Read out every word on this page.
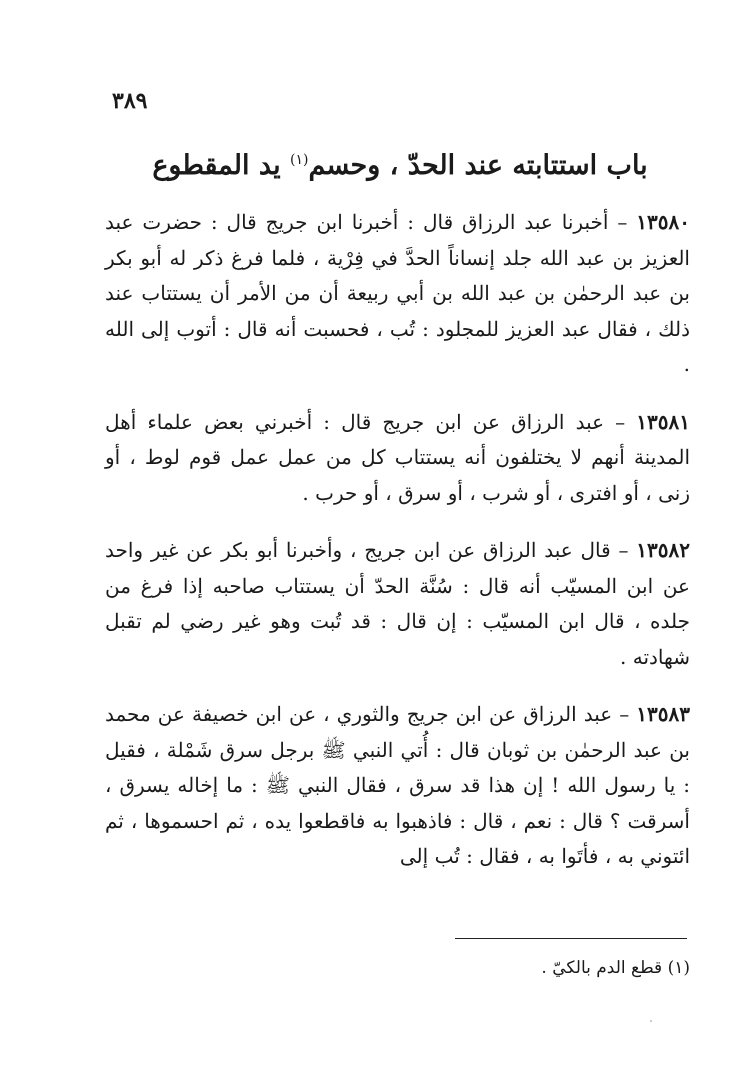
٣٨٩
باب استتابته عند الحدّ ، وحسم$^{(١)}$ يد المقطوع

١٣٥٨٠ – أخبرنا عبد الرزاق قال : أخبرنا ابن جريج قال : حضرت عبد العزيز بن عبد الله جلد إنساناً الحدَّ في فِرْية ، فلما فرغ ذكر له أبو بكر بن عبد الرحمٰن بن عبد الله بن أبي ربيعة أن من الأمر أن يستتاب عند ذلك ، فقال عبد العزيز للمجلود : تُب ، فحسبت أنه قال : أتوب إلى الله .

١٣٥٨١ – عبد الرزاق عن ابن جريج قال : أخبرني بعض علماء أهل المدينة أنهم لا يختلفون أنه يستتاب كل من عمل عمل قوم لوط ، أو زنى ، أو افترى ، أو شرب ، أو سرق ، أو حرب .

١٣٥٨٢ – قال عبد الرزاق عن ابن جريج ، وأخبرنا أبو بكر عن غير واحد عن ابن المسيّب أنه قال : سُنَّة الحدّ أن يستتاب صاحبه إذا فرغ من جلده ، قال ابن المسيّب : إن قال : قد تُبت وهو غير رضي لم تقبل شهادته .

١٣٥٨٣ – عبد الرزاق عن ابن جريج والثوري ، عن ابن خصيفة عن محمد بن عبد الرحمٰن بن ثوبان قال : أُتي النبي ﷺ برجل سرق شَمْلة ، فقيل : يا رسول الله ! إن هذا قد سرق ، فقال النبي ﷺ : ما إخاله يسرق ، أسرقت ؟ قال : نعم ، قال : فاذهبوا به فاقطعوا يده ، ثم احسموها ، ثم ائتوني به ، فأتَوا به ، فقال : تُب إلى

(١) قطع الدم بالكيّ .
